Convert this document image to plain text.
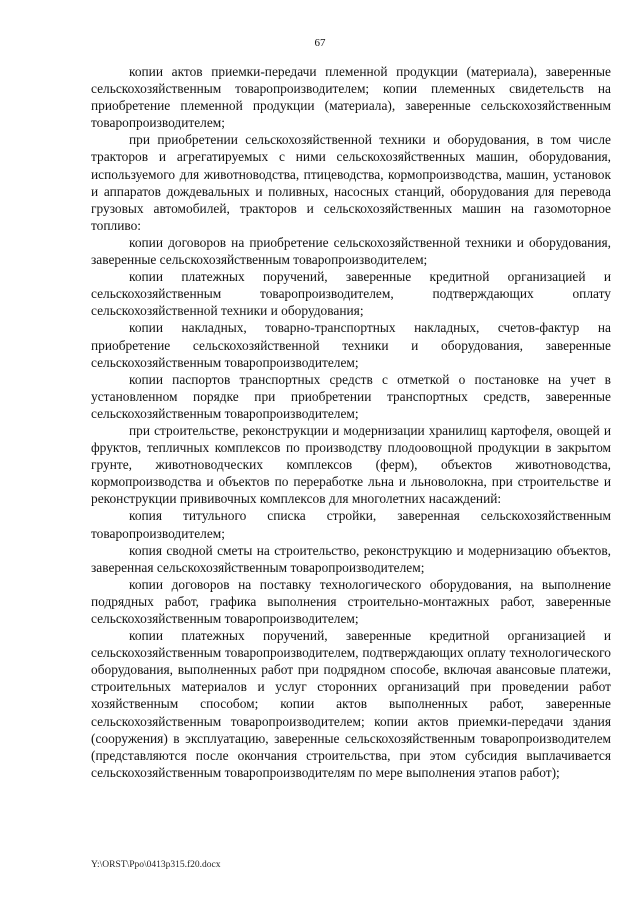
67

копии актов приемки-передачи племенной продукции (материала), заверенные сельскохозяйственным товаропроизводителем; копии племенных свидетельств на приобретение племенной продукции (материала), заверенные сельскохозяйственным товаропроизводителем;

при приобретении сельскохозяйственной техники и оборудования, в том числе тракторов и агрегатируемых с ними сельскохозяйственных машин, оборудования, используемого для животноводства, птицеводства, кормопроизводства, машин, установок и аппаратов дождевальных и поливных, насосных станций, оборудования для перевода грузовых автомобилей, тракторов и сельскохозяйственных машин на газомоторное топливо:

копии договоров на приобретение сельскохозяйственной техники и оборудования, заверенные сельскохозяйственным товаропроизводителем;

копии платежных поручений, заверенные кредитной организацией и сельскохозяйственным товаропроизводителем, подтверждающих оплату сельскохозяйственной техники и оборудования;

копии накладных, товарно-транспортных накладных, счетов-фактур на приобретение сельскохозяйственной техники и оборудования, заверенные сельскохозяйственным товаропроизводителем;

копии паспортов транспортных средств с отметкой о постановке на учет в установленном порядке при приобретении транспортных средств, заверенные сельскохозяйственным товаропроизводителем;

при строительстве, реконструкции и модернизации хранилищ картофеля, овощей и фруктов, тепличных комплексов по производству плодоовощной продукции в закрытом грунте, животноводческих комплексов (ферм), объектов животноводства, кормопроизводства и объектов по переработке льна и льноволокна, при строительстве и реконструкции прививочных комплексов для многолетних насаждений:

копия титульного списка стройки, заверенная сельскохозяйственным товаропроизводителем;

копия сводной сметы на строительство, реконструкцию и модернизацию объектов, заверенная сельскохозяйственным товаропроизводителем;

копии договоров на поставку технологического оборудования, на выполнение подрядных работ, графика выполнения строительно-монтажных работ, заверенные сельскохозяйственным товаропроизводителем;

копии платежных поручений, заверенные кредитной организацией и сельскохозяйственным товаропроизводителем, подтверждающих оплату технологического оборудования, выполненных работ при подрядном способе, включая авансовые платежи, строительных материалов и услуг сторонних организаций при проведении работ хозяйственным способом; копии актов выполненных работ, заверенные сельскохозяйственным товаропроизводителем; копии актов приемки-передачи здания (сооружения) в эксплуатацию, заверенные сельскохозяйственным товаропроизводителем (представляются после окончания строительства, при этом субсидия выплачивается сельскохозяйственным товаропроизводителям по мере выполнения этапов работ);

Y:\ORST\Ppo\0413p315.f20.docx
